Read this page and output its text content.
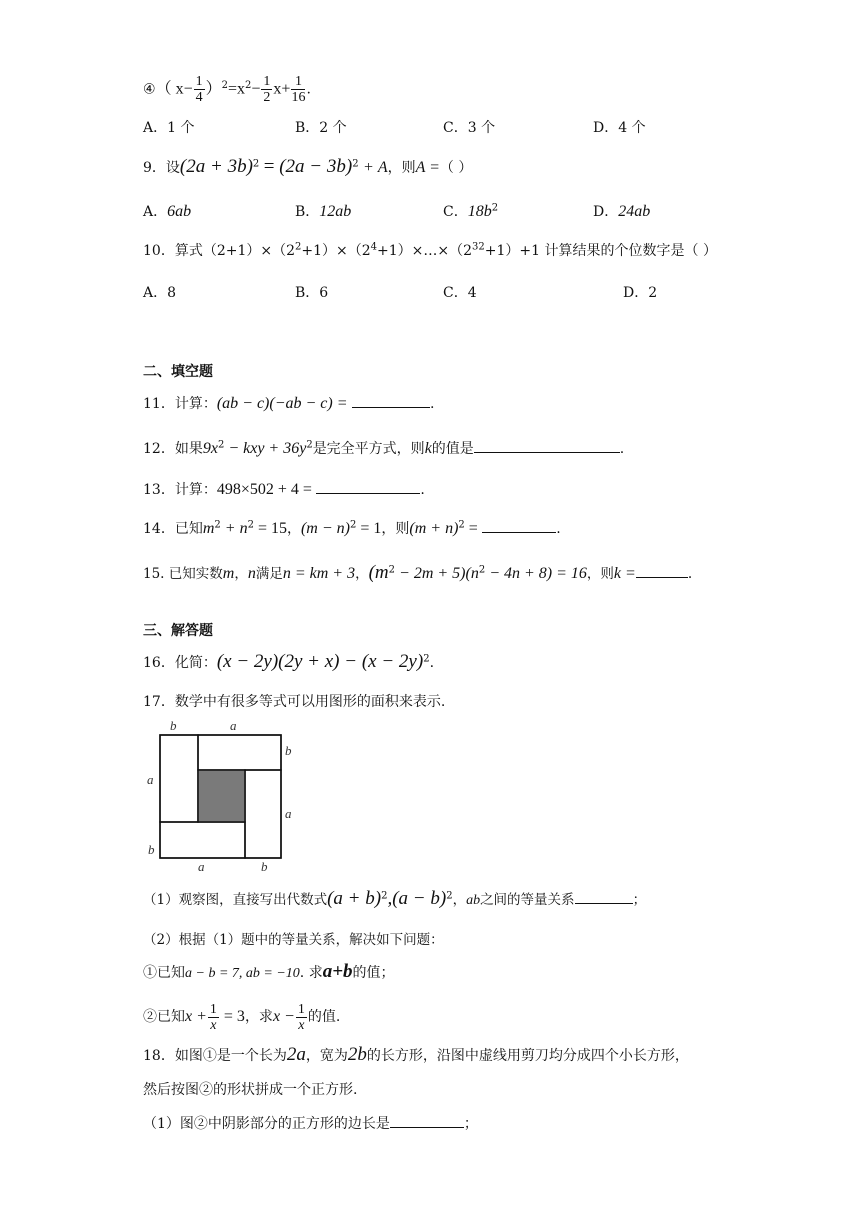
④（ $x- \frac{1}{4} )^2=x^2- \frac{1}{2} x+ \frac{1}{16}$ .
A．1 个	B．2 个	C．3 个	D．4 个
9．设$(2a + 3b)^2 = (2a - 3b)^2 + A$，则A =（ ）
A．6ab	B．12ab	C．$18b^2$	D．24ab
10．算式$(2+1)\times(2^2+1)\times(2^4+1)\times\dots\times(2^{32}+1)+1$ 计算结果的个位数字是（ ）
A．8	B．6	C．4	D．2
二、填空题
11．计算：(ab − c)(−ab − c) =	.
12．如果$9x^2$ − kxy + $36y^2$是完全平方式，则k的值是	.
13．计算：498×502 + 4 =	.
14．已知$m^2 + n^2 = 15$，$(m - n)^2 = 1$，则$(m + n)^2$ =	.
15. 已知实数m，n满足n = km + 3，$(m^2 - 2m + 5)(n^2 - 4n + 8) = 16$，则k =	.
三、解答题
16．化简：$(x - 2y)(2y + x) - (x - 2y)^2$.
17．数学中有很多等式可以用图形的面积来表示.
b	a
b
a
a
b
a	b
（1）观察图，直接写出代数式$(a + b)^2,(a - b)^2$，ab之间的等量关系	；
（2）根据（1）题中的等量关系，解决如下问题：
①已知a − b = 7, ab = −10. 求a+b的值；
②已知$x + \frac{1}{x} = 3$，求$x - \frac{1}{x}$ 的值.
18．如图①是一个长为2a，宽为2b的长方形，沿图中虚线用剪刀均分成四个小长方形，
然后按图②的形状拼成一个正方形.
（1）图②中阴影部分的正方形的边长是	；
